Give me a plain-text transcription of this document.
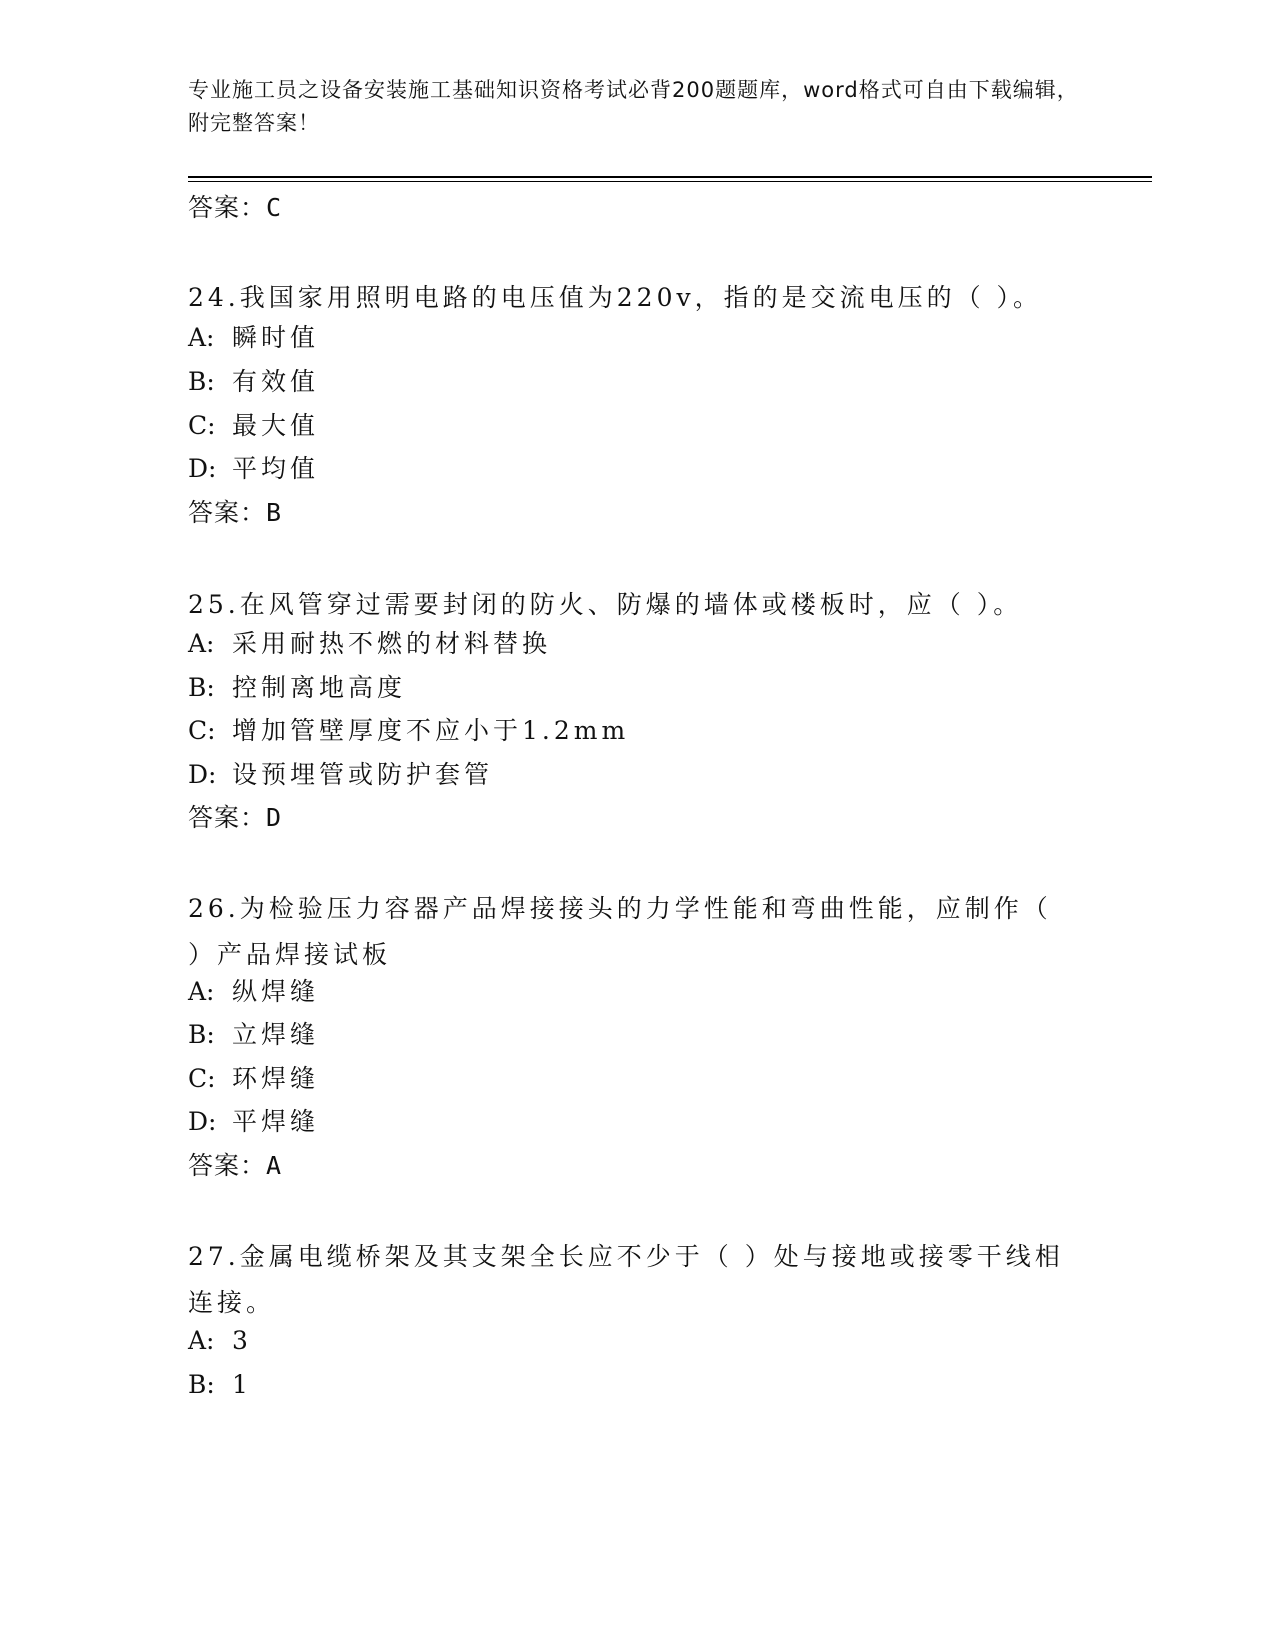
专业施工员之设备安装施工基础知识资格考试必背200题题库，word格式可自由下载编辑，附完整答案！
答案：C
24.我国家用照明电路的电压值为220v，指的是交流电压的（ ）。
A: 瞬时值
B: 有效值
C: 最大值
D: 平均值
答案：B
25.在风管穿过需要封闭的防火、防爆的墙体或楼板时，应（ ）。
A: 采用耐热不燃的材料替换
B: 控制离地高度
C: 增加管壁厚度不应小于1.2mm
D: 设预埋管或防护套管
答案：D
26.为检验压力容器产品焊接接头的力学性能和弯曲性能，应制作（ ）产品焊接试板
A: 纵焊缝
B: 立焊缝
C: 环焊缝
D: 平焊缝
答案：A
27.金属电缆桥架及其支架全长应不少于（ ）处与接地或接零干线相连接。
A: 3
B: 1
